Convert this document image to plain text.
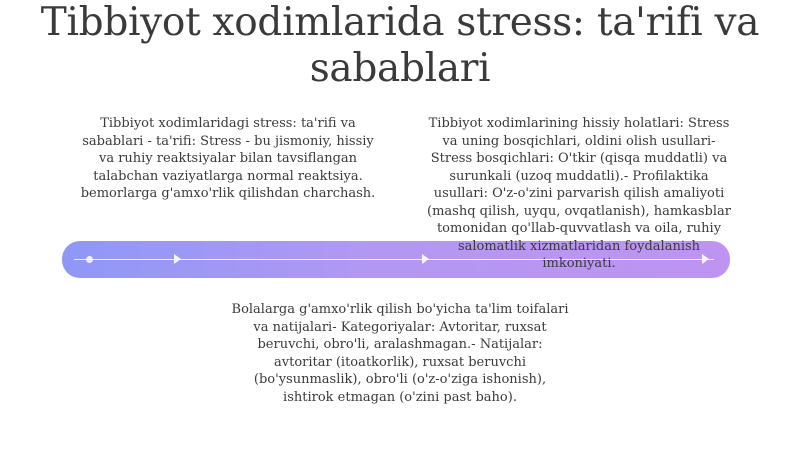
Tibbiyot xodimlarida stress: ta'rifi va sabablari
Tibbiyot xodimlaridagi stress: ta'rifi va sabablari - ta'rifi: Stress - bu jismoniy, hissiy va ruhiy reaktsiyalar bilan tavsiflangan talabchan vaziyatlarga normal reaktsiya. bemorlarga g'amxo'rlik qilishdan charchash.
Tibbiyot xodimlarining hissiy holatlari: Stress va uning bosqichlari, oldini olish usullari- Stress bosqichlari: O'tkir (qisqa muddatli) va surunkali (uzoq muddatli).- Profilaktika usullari: O'z-o'zini parvarish qilish amaliyoti (mashq qilish, uyqu, ovqatlanish), hamkasblar tomonidan qo'llab-quvvatlash va oila, ruhiy salomatlik xizmatlaridan foydalanish imkoniyati.
Bolalarga g'amxo'rlik qilish bo'yicha ta'lim toifalari va natijalari- Kategoriyalar: Avtoritar, ruxsat beruvchi, obro'li, aralashmagan.- Natijalar: avtoritar (itoatkorlik), ruxsat beruvchi (bo'ysunmaslik), obro'li (o'z-o'ziga ishonish), ishtirok etmagan (o'zini past baho).
